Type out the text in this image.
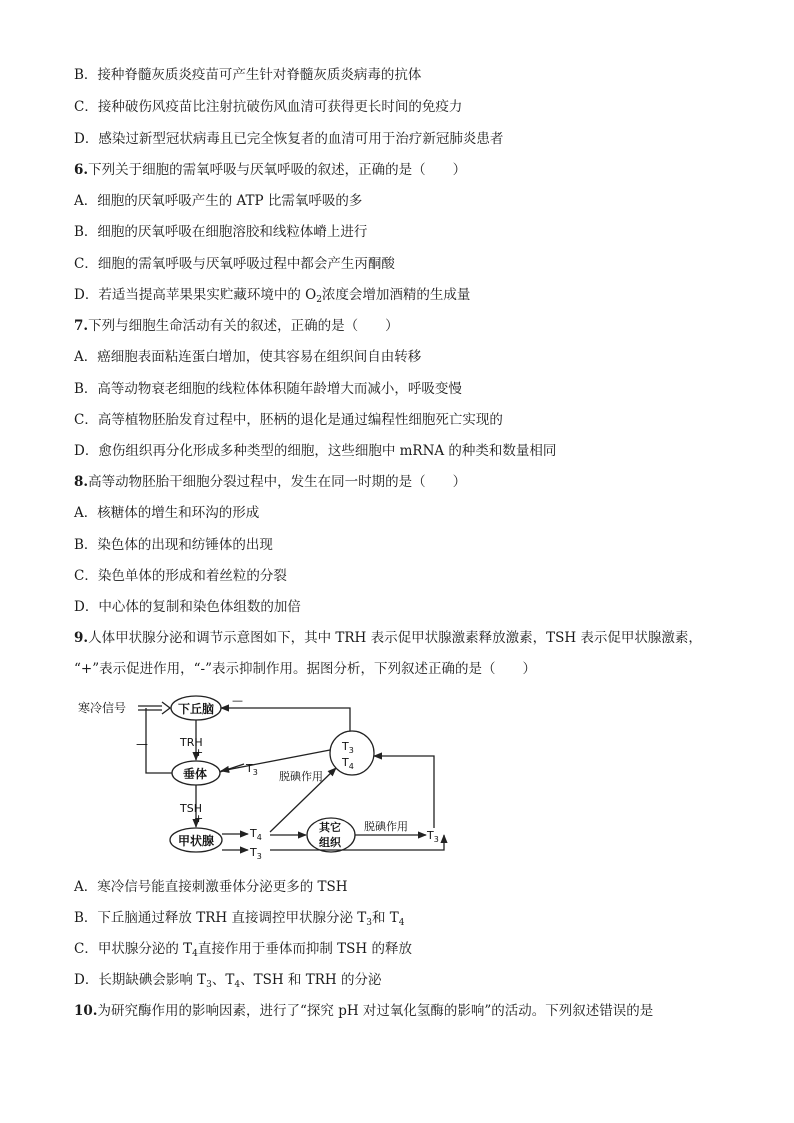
B．接种脊髓灰质炎疫苗可产生针对脊髓灰质炎病毒的抗体
C．接种破伤风疫苗比注射抗破伤风血清可获得更长时间的免疫力
D．感染过新型冠状病毒且已完全恢复者的血清可用于治疗新冠肺炎患者
6.下列关于细胞的需氧呼吸与厌氧呼吸的叙述，正确的是（　　）
A．细胞的厌氧呼吸产生的 ATP 比需氧呼吸的多
B．细胞的厌氧呼吸在细胞溶胶和线粒体嵴上进行
C．细胞的需氧呼吸与厌氧呼吸过程中都会产生丙酮酸
D．若适当提高苹果果实贮藏环境中的 $O_2$浓度会增加酒精的生成量
7.下列与细胞生命活动有关的叙述，正确的是（　　）
A．癌细胞表面粘连蛋白增加，使其容易在组织间自由转移
B．高等动物衰老细胞的线粒体体积随年龄增大而减小，呼吸变慢
C．高等植物胚胎发育过程中，胚柄的退化是通过编程性细胞死亡实现的
D．愈伤组织再分化形成多种类型的细胞，这些细胞中 mRNA 的种类和数量相同
8.高等动物胚胎干细胞分裂过程中，发生在同一时期的是（　　）
A．核糖体的增生和环沟的形成
B．染色体的出现和纺锤体的出现
C．染色单体的形成和着丝粒的分裂
D．中心体的复制和染色体组数的加倍
9.人体甲状腺分泌和调节示意图如下，其中 TRH 表示促甲状腺激素释放激素，TSH 表示促甲状腺激素，
“+”表示促进作用，“-”表示抑制作用。据图分析，下列叙述正确的是（　　）
寒冷信号	下丘脑
TRH
+
垂体
TSH
+
甲状腺
—
—
- $T_3$ 脱碘作用
$T_3$
$T_4$
$T_4$
$T_3$
其它
组织
脱碘作用
$T_3$
A．寒冷信号能直接刺激垂体分泌更多的 TSH
B．下丘脑通过释放 TRH 直接调控甲状腺分泌 $T_3$和 $T_4$
C．甲状腺分泌的 $T_4$直接作用于垂体而抑制 TSH 的释放
D．长期缺碘会影响 $T_3$、$T_4$、TSH 和 TRH 的分泌
10.为研究酶作用的影响因素，进行了“探究 pH 对过氧化氢酶的影响”的活动。下列叙述错误的是
